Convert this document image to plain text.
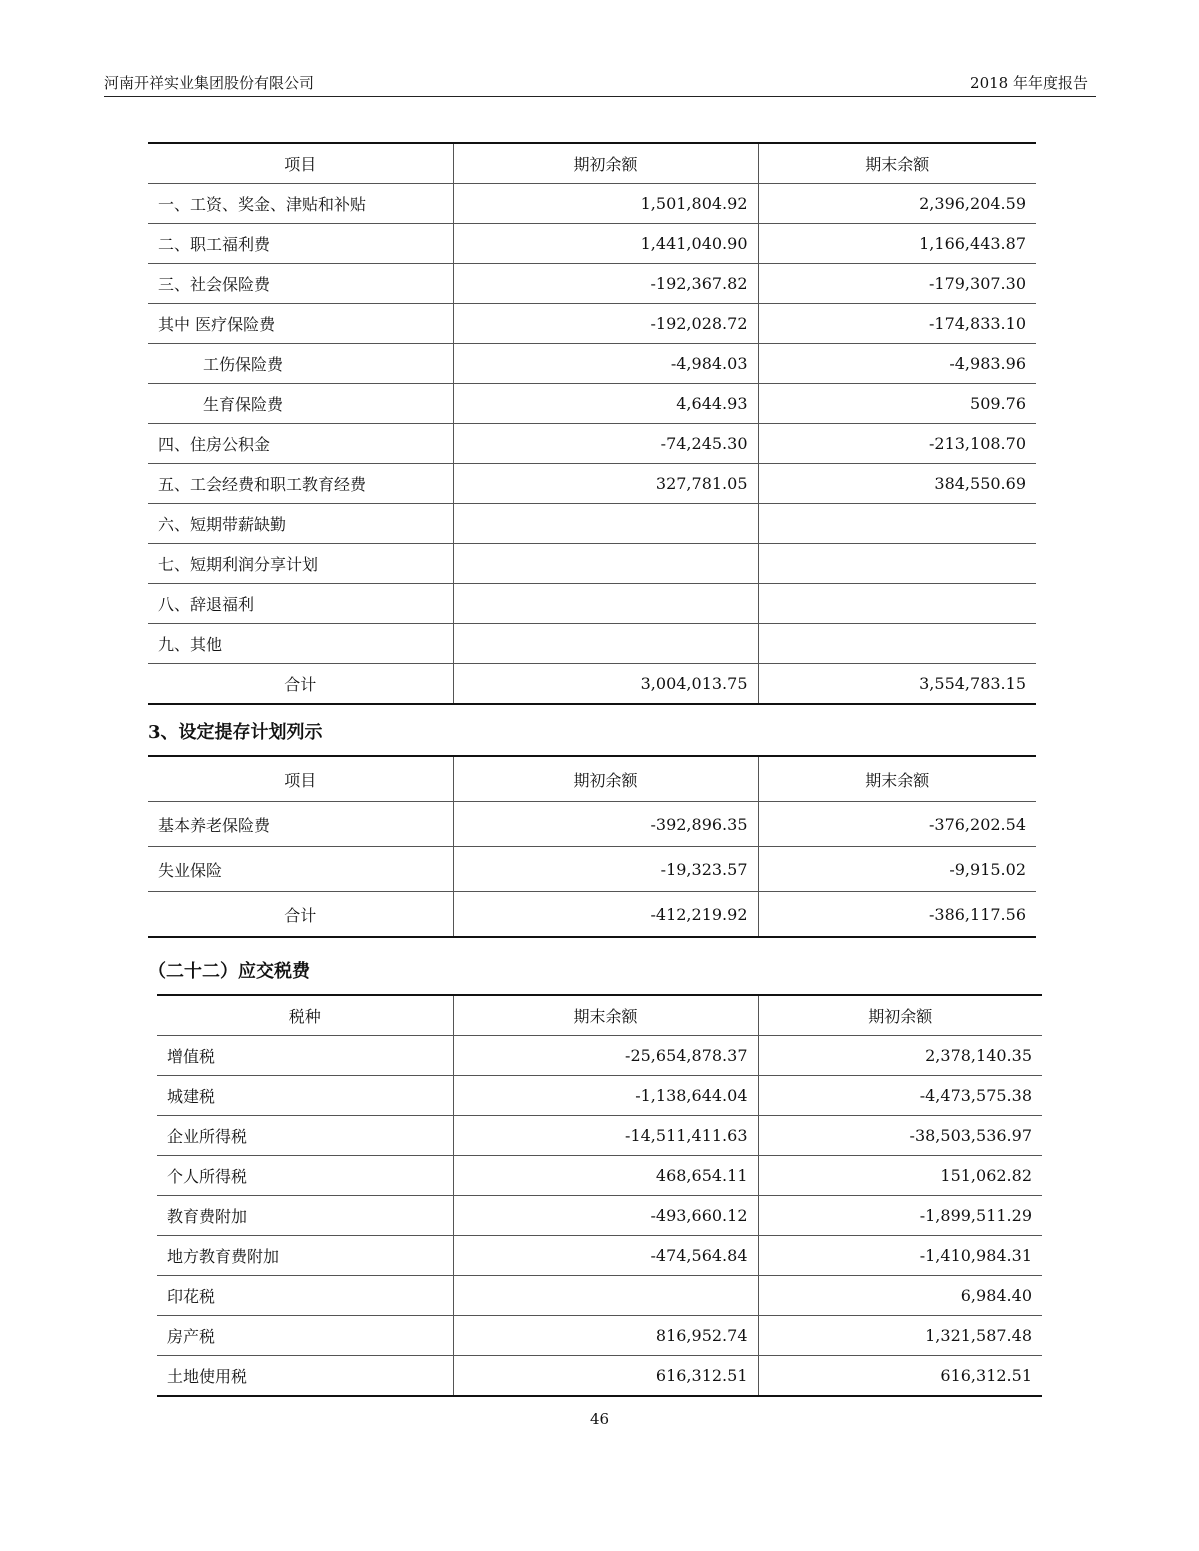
河南开祥实业集团股份有限公司	2018 年年度报告
项目	期初余额	期末余额
一、工资、奖金、津贴和补贴	1,501,804.92	2,396,204.59
二、职工福利费	1,441,040.90	1,166,443.87
三、社会保险费	-192,367.82	-179,307.30
其中 医疗保险费	-192,028.72	-174,833.10
工伤保险费	-4,984.03	-4,983.96
生育保险费	4,644.93	509.76
四、住房公积金	-74,245.30	-213,108.70
五、工会经费和职工教育经费	327,781.05	384,550.69
六、短期带薪缺勤		
七、短期利润分享计划		
八、辞退福利		
九、其他		
合计	3,004,013.75	3,554,783.15
3、设定提存计划列示
项目	期初余额	期末余额
基本养老保险费	-392,896.35	-376,202.54
失业保险	-19,323.57	-9,915.02
合计	-412,219.92	-386,117.56
（二十二）应交税费
税种	期末余额	期初余额
增值税	-25,654,878.37	2,378,140.35
城建税	-1,138,644.04	-4,473,575.38
企业所得税	-14,511,411.63	-38,503,536.97
个人所得税	468,654.11	151,062.82
教育费附加	-493,660.12	-1,899,511.29
地方教育费附加	-474,564.84	-1,410,984.31
印花税		6,984.40
房产税	816,952.74	1,321,587.48
土地使用税	616,312.51	616,312.51
46
